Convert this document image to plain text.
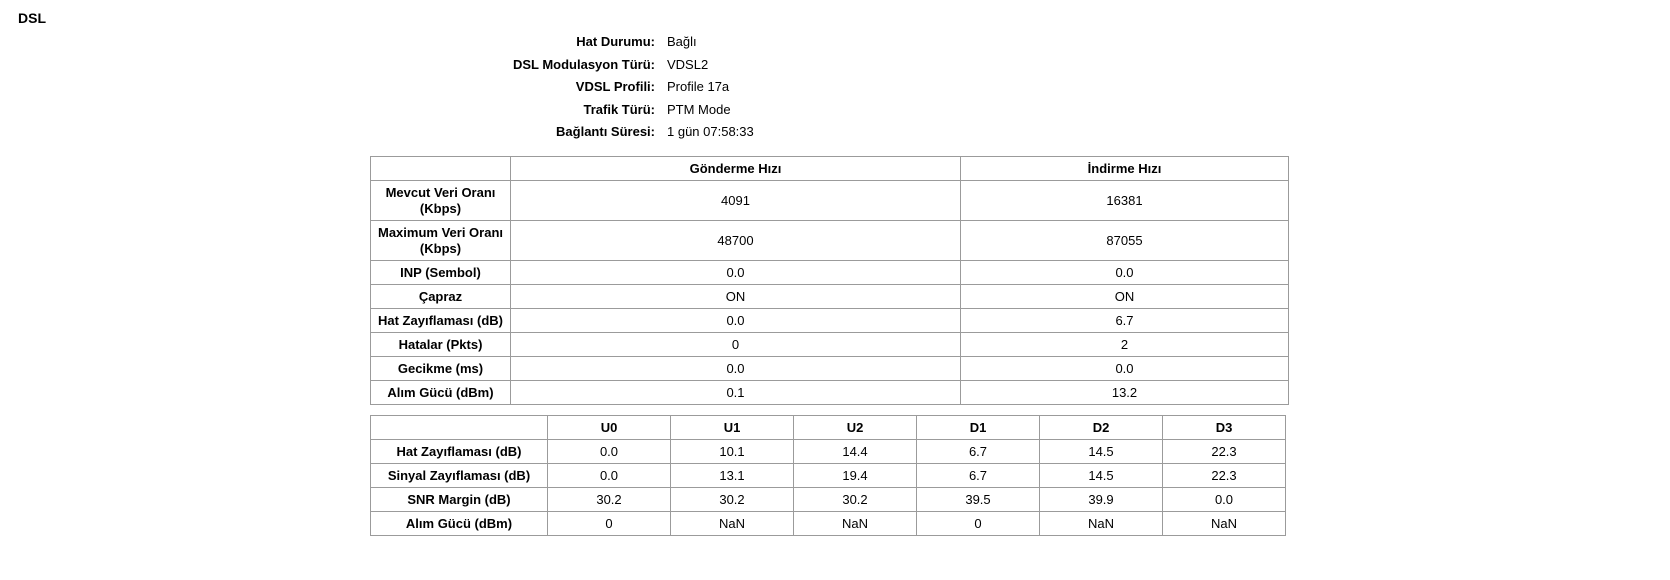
DSL
Hat Durumu: Bağlı
DSL Modulasyon Türü: VDSL2
VDSL Profili: Profile 17a
Trafik Türü: PTM Mode
Bağlantı Süresi: 1 gün 07:58:33
	Gönderme Hızı	İndirme Hızı
Mevcut Veri Oranı (Kbps)	4091	16381
Maximum Veri Oranı (Kbps)	48700	87055
INP (Sembol)	0.0	0.0
Çapraz	ON	ON
Hat Zayıflaması (dB)	0.0	6.7
Hatalar (Pkts)	0	2
Gecikme (ms)	0.0	0.0
Alım Gücü (dBm)	0.1	13.2
	U0	U1	U2	D1	D2	D3
Hat Zayıflaması (dB)	0.0	10.1	14.4	6.7	14.5	22.3
Sinyal Zayıflaması (dB)	0.0	13.1	19.4	6.7	14.5	22.3
SNR Margin (dB)	30.2	30.2	30.2	39.5	39.9	0.0
Alım Gücü (dBm)	0	NaN	NaN	0	NaN	NaN
